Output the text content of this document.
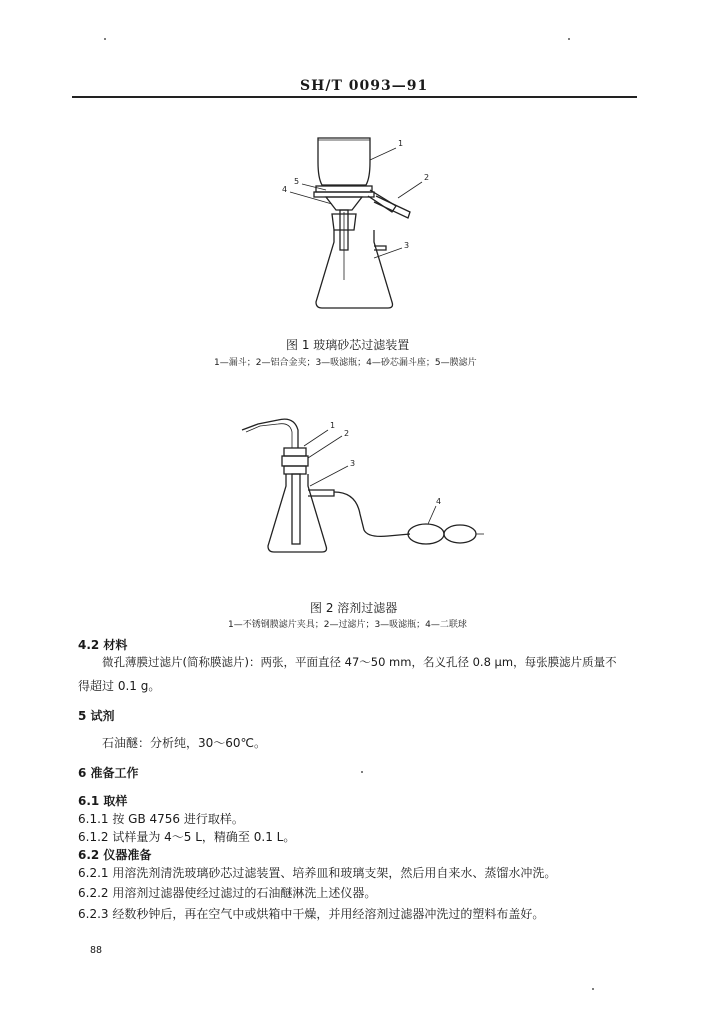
SH/T 0093—91
1
2
3
4
5
图 1 玻璃砂芯过滤装置
1—漏斗；2—铝合金夹；3—吸滤瓶；4—砂芯漏斗座；5—膜滤片
1
2
3
4
图 2 溶剂过滤器
1—不锈钢膜滤片夹具；2—过滤片；3—吸滤瓶；4—二联球
4.2 材料
微孔薄膜过滤片(简称膜滤片)：两张，平面直径 47～50 mm，名义孔径 0.8 μm，每张膜滤片质量不
得超过 0.1 g。
5 试剂
石油醚：分析纯，30～60℃。
6 准备工作
6.1 取样
6.1.1 按 GB 4756 进行取样。
6.1.2 试样量为 4～5 L，精确至 0.1 L。
6.2 仪器准备
6.2.1 用溶洗剂清洗玻璃砂芯过滤装置、培养皿和玻璃支架，然后用自来水、蒸馏水冲洗。
6.2.2 用溶剂过滤器使经过滤过的石油醚淋洗上述仪器。
6.2.3 经数秒钟后，再在空气中或烘箱中干燥，并用经溶剂过滤器冲洗过的塑料布盖好。
88
